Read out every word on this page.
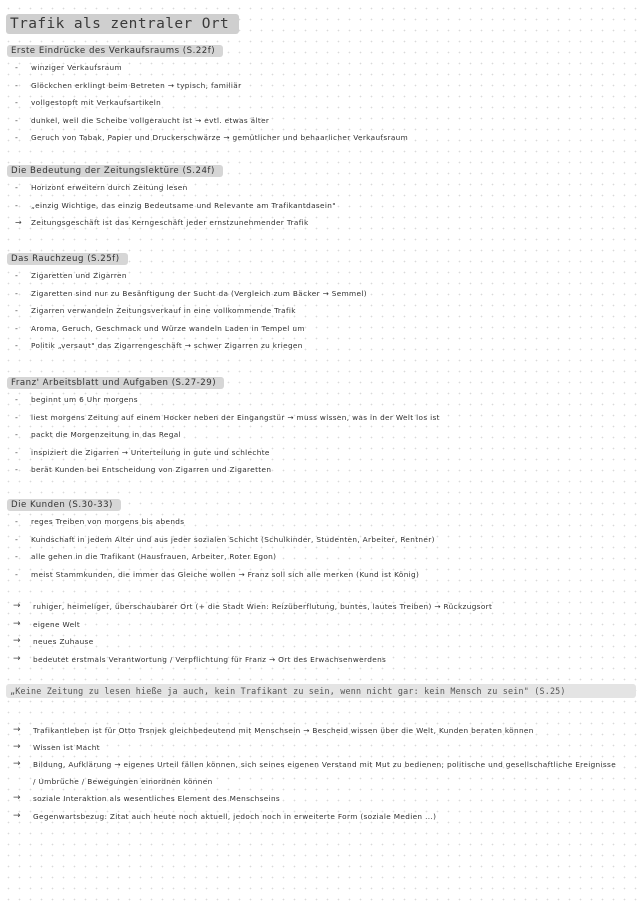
Trafik als zentraler Ort
Erste Eindrücke des Verkaufsraums (S.22f)
- winziger Verkaufsraum
- Glöckchen erklingt beim Betreten → typisch, familiär
- vollgestopft mit Verkaufsartikeln
- dunkel, weil die Scheibe vollgeraucht ist → evtl. etwas älter
- Geruch von Tabak, Papier und Druckerschwärze → gemütlicher und behaarlicher Verkaufsraum
Die Bedeutung der Zeitungslektüre (S.24f)
- Horizont erweitern durch Zeitung lesen
- „einzig Wichtige, das einzig Bedeutsame und Relevante am Trafikantdasein"
→ Zeitungsgeschäft ist das Kerngeschäft jeder ernstzunehmender Trafik
Das Rauchzeug (S.25f)
- Zigaretten und Zigarren
- Zigaretten sind nur zu Besänftigung der Sucht da (Vergleich zum Bäcker → Semmel)
- Zigarren verwandeln Zeitungsverkauf in eine vollkommende Trafik
- Aroma, Geruch, Geschmack und Würze wandeln Laden in Tempel um
- Politik „versaut" das Zigarrengeschäft → schwer Zigarren zu kriegen
Franz' Arbeitsblatt und Aufgaben (S.27-29)
- beginnt um 6 Uhr morgens
- liest morgens Zeitung auf einem Hocker neben der Eingangstür → muss wissen, was in der Welt los ist
- packt die Morgenzeitung in das Regal
- inspiziert die Zigarren → Unterteilung in gute und schlechte
- berät Kunden bei Entscheidung von Zigarren und Zigaretten
Die Kunden (S.30-33)
- reges Treiben von morgens bis abends
- Kundschaft in jedem Alter und aus jeder sozialen Schicht (Schulkinder, Studenten, Arbeiter, Rentner)
- alle gehen in die Trafikant (Hausfrauen, Arbeiter, Roter Egon)
- meist Stammkunden, die immer das Gleiche wollen → Franz soll sich alle merken (Kund ist König)
→ ruhiger, heimeliger, überschaubarer Ort (+ die Stadt Wien: Reizüberflutung, buntes, lautes Treiben) → Rückzugsort
→ eigene Welt
→ neues Zuhause
→ bedeutet erstmals Verantwortung / Verpflichtung für Franz → Ort des Erwachsenwerdens
„Keine Zeitung zu lesen hieße ja auch, kein Trafikant zu sein, wenn nicht gar: kein Mensch zu sein" (S.25)
→ Trafikantleben ist für Otto Trsnjek gleichbedeutend mit Menschsein → Bescheid wissen über die Welt, Kunden beraten können
→ Wissen ist Macht
→ Bildung, Aufklärung → eigenes Urteil fällen können, sich seines eigenen Verstand mit Mut zu bedienen; politische und gesellschaftliche Ereignisse / Umbrüche / Bewegungen einordnen können
→ soziale Interaktion als wesentliches Element des Menschseins
→ Gegenwartsbezug: Zitat auch heute noch aktuell, jedoch noch in erweiterte Form (soziale Medien ...)
